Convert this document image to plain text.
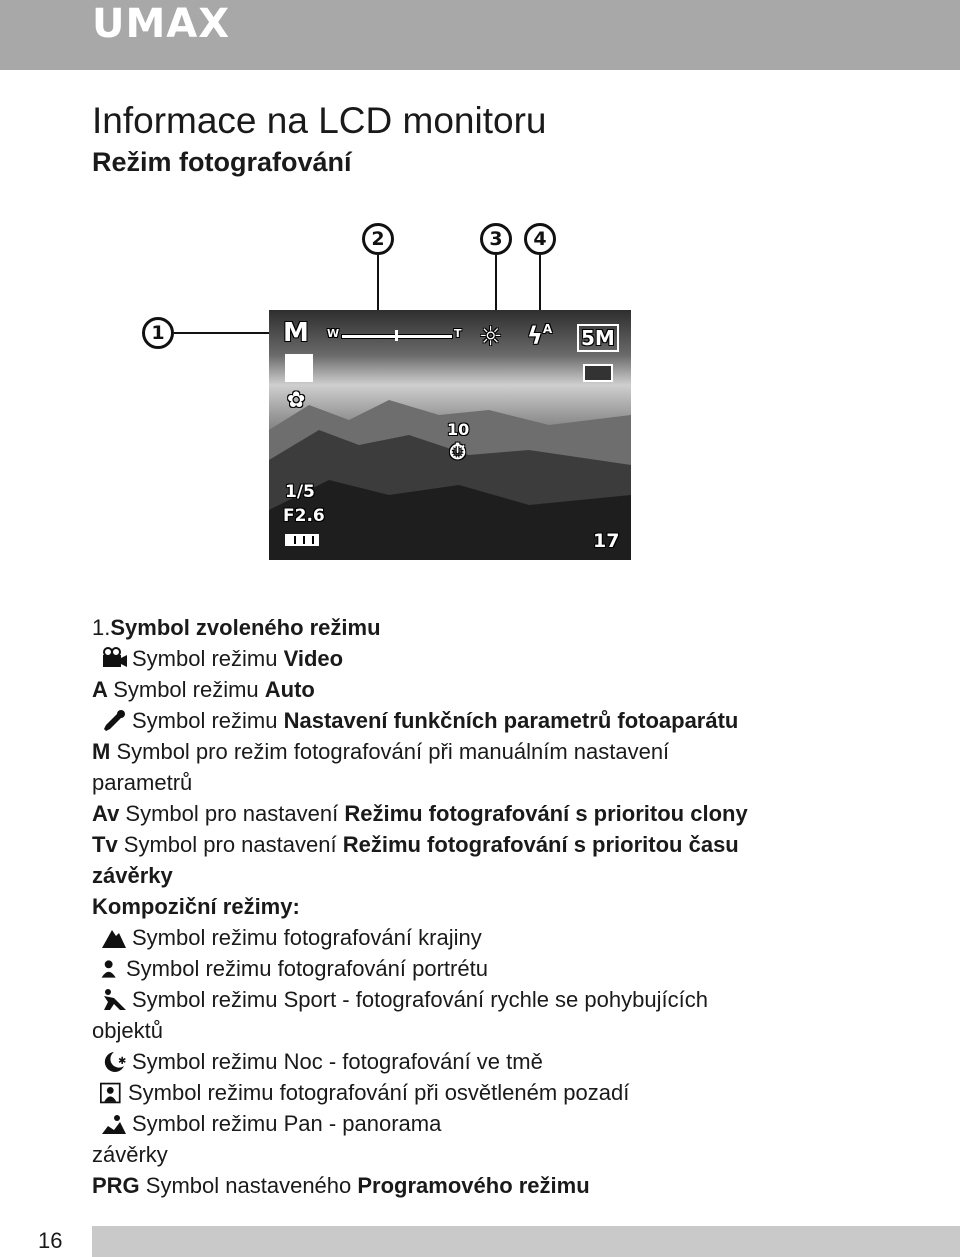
UMAX
Informace na LCD monitoru
Režim fotografování
1
2	3	4
M
✿
W	T ☼ $ϟ^A$ 5M
10
⏱
1/5
F2.6
17
1. Symbol zvoleného režimu
Symbol režimu Video
A Symbol režimu Auto
Symbol režimu Nastavení funkčních parametrů fotoaparátu
M Symbol pro režim fotografování při manuálním nastavení
parametrů
Av Symbol pro nastavení Režimu fotografování s prioritou clony
Tv Symbol pro nastavení Režimu fotografování s prioritou času
závěrky
Kompoziční režimy:
Symbol režimu fotografování krajiny
Symbol režimu fotografování portrétu
Symbol režimu Sport - fotografování rychle se pohybujících
objektů
✱ Symbol režimu Noc - fotografování ve tmě
Symbol režimu fotografování při osvětleném pozadí
Symbol režimu Pan - panorama
závěrky
PRG Symbol nastaveného Programového režimu
16
